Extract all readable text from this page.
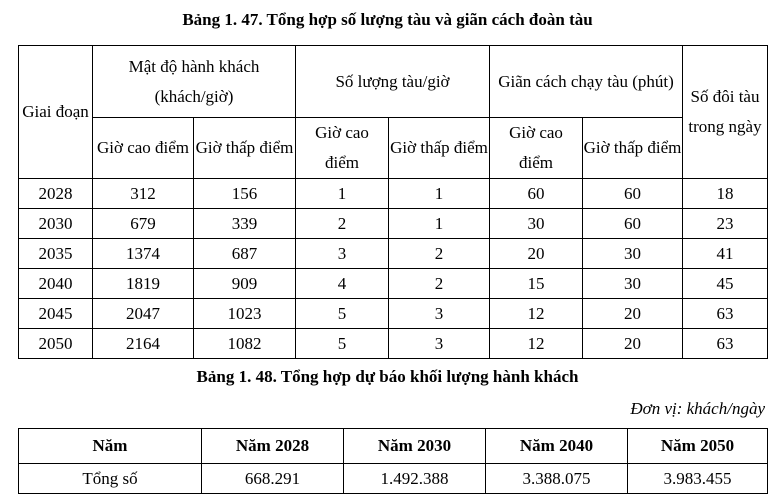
Bảng 1. 47. Tổng hợp số lượng tàu và giãn cách đoàn tàu
Giai đoạn	Mật độ hành khách (khách/giờ)		Số lượng tàu/giờ		Giãn cách chạy tàu (phút)		Số đôi tàu trong ngày
	Giờ cao điểm	Giờ thấp điểm	Giờ cao điểm	Giờ thấp điểm	Giờ cao điểm	Giờ thấp điểm	
2028	312	156	1	1	60	60	18
2030	679	339	2	1	30	60	23
2035	1374	687	3	2	20	30	41
2040	1819	909	4	2	15	30	45
2045	2047	1023	5	3	12	20	63
2050	2164	1082	5	3	12	20	63
Bảng 1. 48. Tổng hợp dự báo khối lượng hành khách
Đơn vị: khách/ngày
Năm	Năm 2028	Năm 2030	Năm 2040	Năm 2050
Tổng số	668.291	1.492.388	3.388.075	3.983.455
